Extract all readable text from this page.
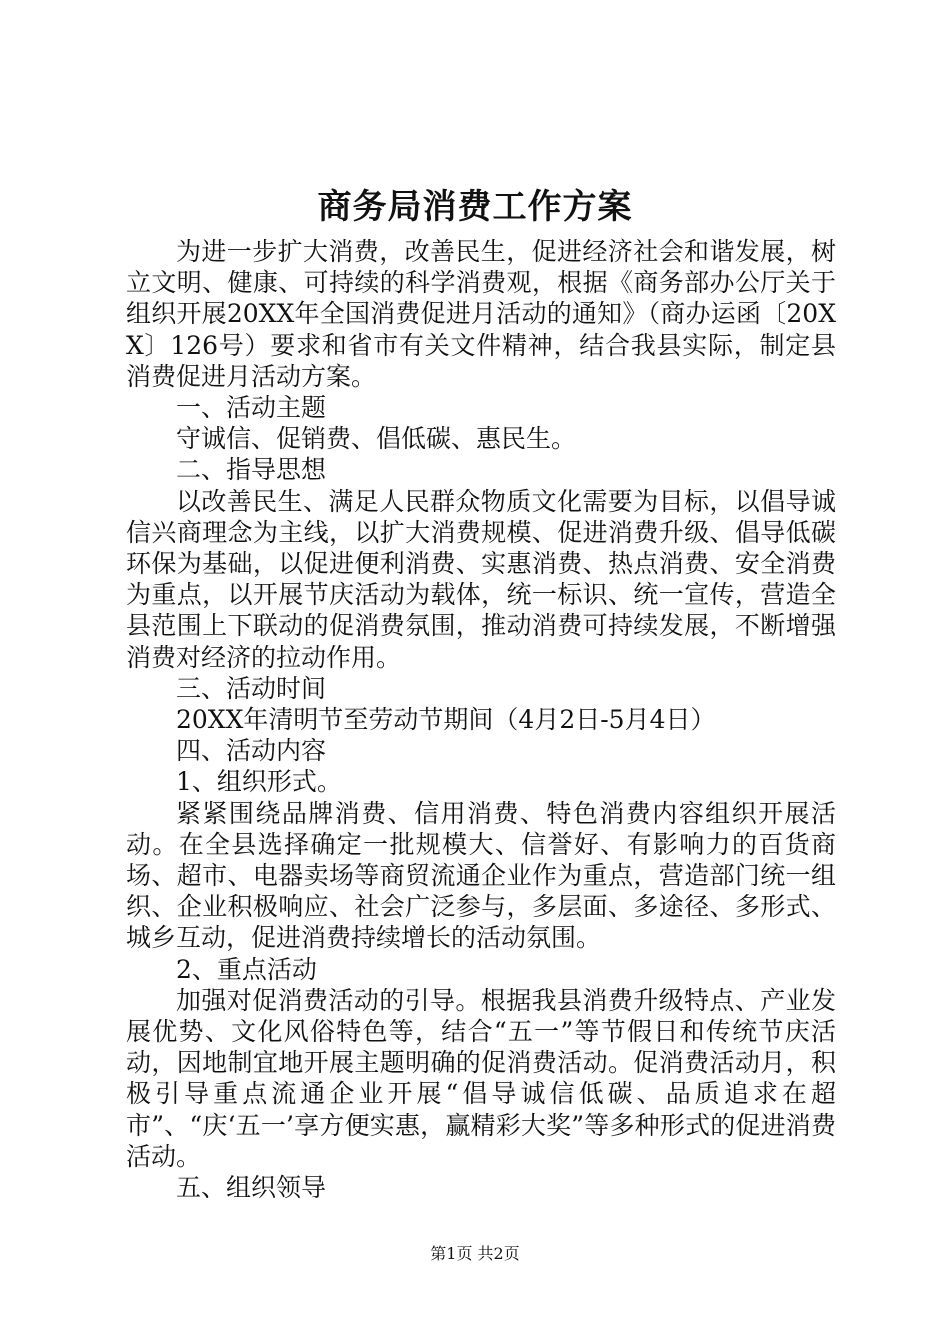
商务局消费工作方案

为进一步扩大消费，改善民生，促进经济社会和谐发展，树立文明、健康、可持续的科学消费观，根据《商务部办公厅关于组织开展20XX年全国消费促进月活动的通知》（商办运函〔20XX〕126号）要求和省市有关文件精神，结合我县实际，制定县消费促进月活动方案。

一、活动主题

守诚信、促销费、倡低碳、惠民生。

二、指导思想

以改善民生、满足人民群众物质文化需要为目标，以倡导诚信兴商理念为主线，以扩大消费规模、促进消费升级、倡导低碳环保为基础，以促进便利消费、实惠消费、热点消费、安全消费为重点，以开展节庆活动为载体，统一标识、统一宣传，营造全县范围上下联动的促消费氛围，推动消费可持续发展，不断增强消费对经济的拉动作用。

三、活动时间

20XX年清明节至劳动节期间（4月2日-5月4日）

四、活动内容

1、组织形式。

紧紧围绕品牌消费、信用消费、特色消费内容组织开展活动。在全县选择确定一批规模大、信誉好、有影响力的百货商场、超市、电器卖场等商贸流通企业作为重点，营造部门统一组织、企业积极响应、社会广泛参与，多层面、多途径、多形式、城乡互动，促进消费持续增长的活动氛围。

2、重点活动

加强对促消费活动的引导。根据我县消费升级特点、产业发展优势、文化风俗特色等，结合“五一”等节假日和传统节庆活动，因地制宜地开展主题明确的促消费活动。促消费活动月，积极引导重点流通企业开展“倡导诚信低碳、品质追求在超市”、“庆‘五一’享方便实惠，赢精彩大奖”等多种形式的促进消费活动。

五、组织领导

第1页 共2页
